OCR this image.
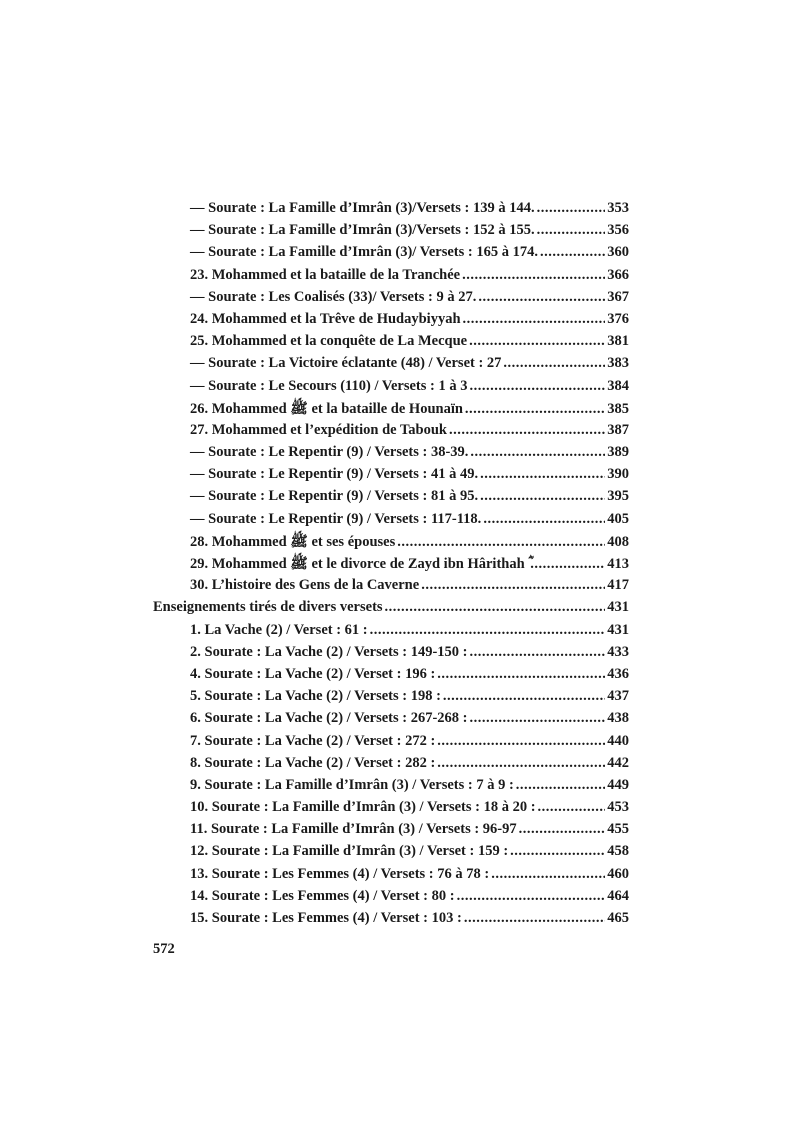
— Sourate : La Famille d’Imrân (3)/Versets : 139 à 144. .....	353
— Sourate : La Famille d’Imrân (3)/Versets : 152 à 155. .....	356
— Sourate : La Famille d’Imrân (3)/ Versets : 165 à 174. .....	360
23. Mohammed et la bataille de la Tranchée .....	366
— Sourate : Les Coalisés (33)/ Versets : 9 à 27. .....	367
24. Mohammed et la Trêve de Hudaybiyyah .....	376
25. Mohammed et la conquête de La Mecque .....	381
— Sourate : La Victoire éclatante (48) / Verset : 27 .....	383
— Sourate : Le Secours (110) / Versets : 1 à 3 .....	384
26. Mohammed ﷺ et la bataille de Hounaïn .....	385
27. Mohammed et l’expédition de Tabouk .....	387
— Sourate : Le Repentir (9) / Versets : 38-39. .....	389
— Sourate : Le Repentir (9) / Versets : 41 à 49. .....	390
— Sourate : Le Repentir (9) / Versets : 81 à 95. .....	395
— Sourate : Le Repentir (9) / Versets : 117-118. .....	405
28. Mohammed ﷺ et ses épouses .....	408
29. Mohammed ﷺ et le divorce de Zayd ibn Hârithah ؓ .....	413
30. L’histoire des Gens de la Caverne .....	417
Enseignements tirés de divers versets .....	431
1. La Vache (2) / Verset : 61 : .....	431
2. Sourate : La Vache (2) / Versets : 149-150 : .....	433
4. Sourate : La Vache (2) / Verset : 196 : .....	436
5. Sourate : La Vache (2) / Versets : 198 : .....	437
6. Sourate : La Vache (2) / Versets : 267-268 : .....	438
7. Sourate : La Vache (2) / Verset : 272 : .....	440
8. Sourate : La Vache (2) / Verset : 282 : .....	442
9. Sourate : La Famille d’Imrân (3) / Versets : 7 à 9 : .....	449
10. Sourate : La Famille d’Imrân (3) / Versets : 18 à 20 : .....	453
11. Sourate : La Famille d’Imrân (3) / Versets : 96-97 .....	455
12. Sourate : La Famille d’Imrân (3) / Verset : 159 : .....	458
13. Sourate : Les Femmes (4) / Versets : 76 à 78 : .....	460
14. Sourate : Les Femmes (4) / Verset : 80 : .....	464
15. Sourate : Les Femmes (4) / Verset : 103 : .....	465
572
